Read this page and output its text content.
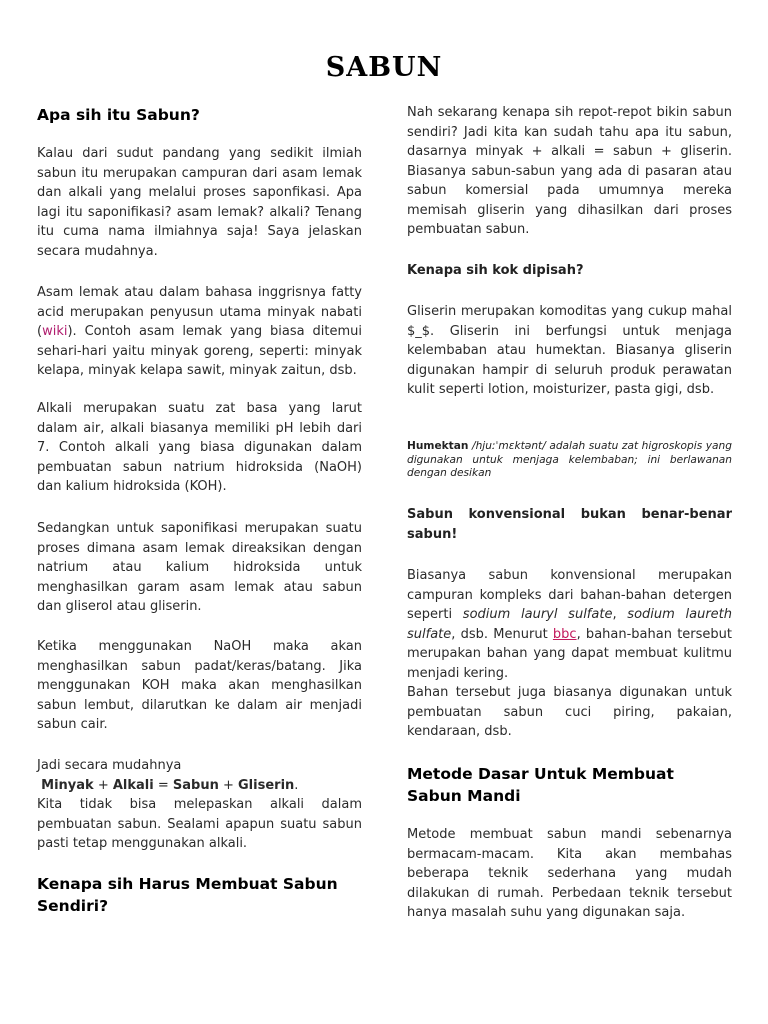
SABUN
Apa sih itu Sabun?

Kalau dari sudut pandang yang sedikit ilmiah sabun itu merupakan campuran dari asam lemak dan alkali yang melalui proses saponfikasi. Apa lagi itu saponifikasi? asam lemak? alkali? Tenang itu cuma nama ilmiahnya saja! Saya jelaskan secara mudahnya.

Asam lemak atau dalam bahasa inggrisnya fatty acid merupakan penyusun utama minyak nabati (wiki). Contoh asam lemak yang biasa ditemui sehari-hari yaitu minyak goreng, seperti: minyak kelapa, minyak kelapa sawit, minyak zaitun, dsb.

Alkali merupakan suatu zat basa yang larut dalam air, alkali biasanya memiliki pH lebih dari 7. Contoh alkali yang biasa digunakan dalam pembuatan sabun natrium hidroksida (NaOH) dan kalium hidroksida (KOH).

Sedangkan untuk saponifikasi merupakan suatu proses dimana asam lemak direaksikan dengan natrium atau kalium hidroksida untuk menghasilkan garam asam lemak atau sabun dan gliserol atau gliserin.

Ketika menggunakan NaOH maka akan menghasilkan sabun padat/keras/batang. Jika menggunakan KOH maka akan menghasilkan sabun lembut, dilarutkan ke dalam air menjadi sabun cair.

Jadi secara mudahnya

Minyak + Alkali = Sabun + Gliserin.

Kita tidak bisa melepaskan alkali dalam pembuatan sabun. Sealami apapun suatu sabun pasti tetap menggunakan alkali.

Kenapa sih Harus Membuat Sabun Sendiri?

Nah sekarang kenapa sih repot-repot bikin sabun sendiri? Jadi kita kan sudah tahu apa itu sabun, dasarnya minyak + alkali = sabun + gliserin. Biasanya sabun-sabun yang ada di pasaran atau sabun komersial pada umumnya mereka memisah gliserin yang dihasilkan dari proses pembuatan sabun.

Kenapa sih kok dipisah?

Gliserin merupakan komoditas yang cukup mahal $_$. Gliserin ini berfungsi untuk menjaga kelembaban atau humektan. Biasanya gliserin digunakan hampir di seluruh produk perawatan kulit seperti lotion, moisturizer, pasta gigi, dsb.

Humektan /hjuːˈmɛktənt/ adalah suatu zat higroskopis yang digunakan untuk menjaga kelembaban; ini berlawanan dengan desikan

Sabun konvensional bukan benar-benar sabun!

Biasanya sabun konvensional merupakan campuran kompleks dari bahan-bahan detergen seperti sodium lauryl sulfate, sodium laureth sulfate, dsb. Menurut bbc, bahan-bahan tersebut merupakan bahan yang dapat membuat kulitmu menjadi kering.

Bahan tersebut juga biasanya digunakan untuk pembuatan sabun cuci piring, pakaian, kendaraan, dsb.

Metode Dasar Untuk Membuat Sabun Mandi

Metode membuat sabun mandi sebenarnya bermacam-macam. Kita akan membahas beberapa teknik sederhana yang mudah dilakukan di rumah. Perbedaan teknik tersebut hanya masalah suhu yang digunakan saja.
